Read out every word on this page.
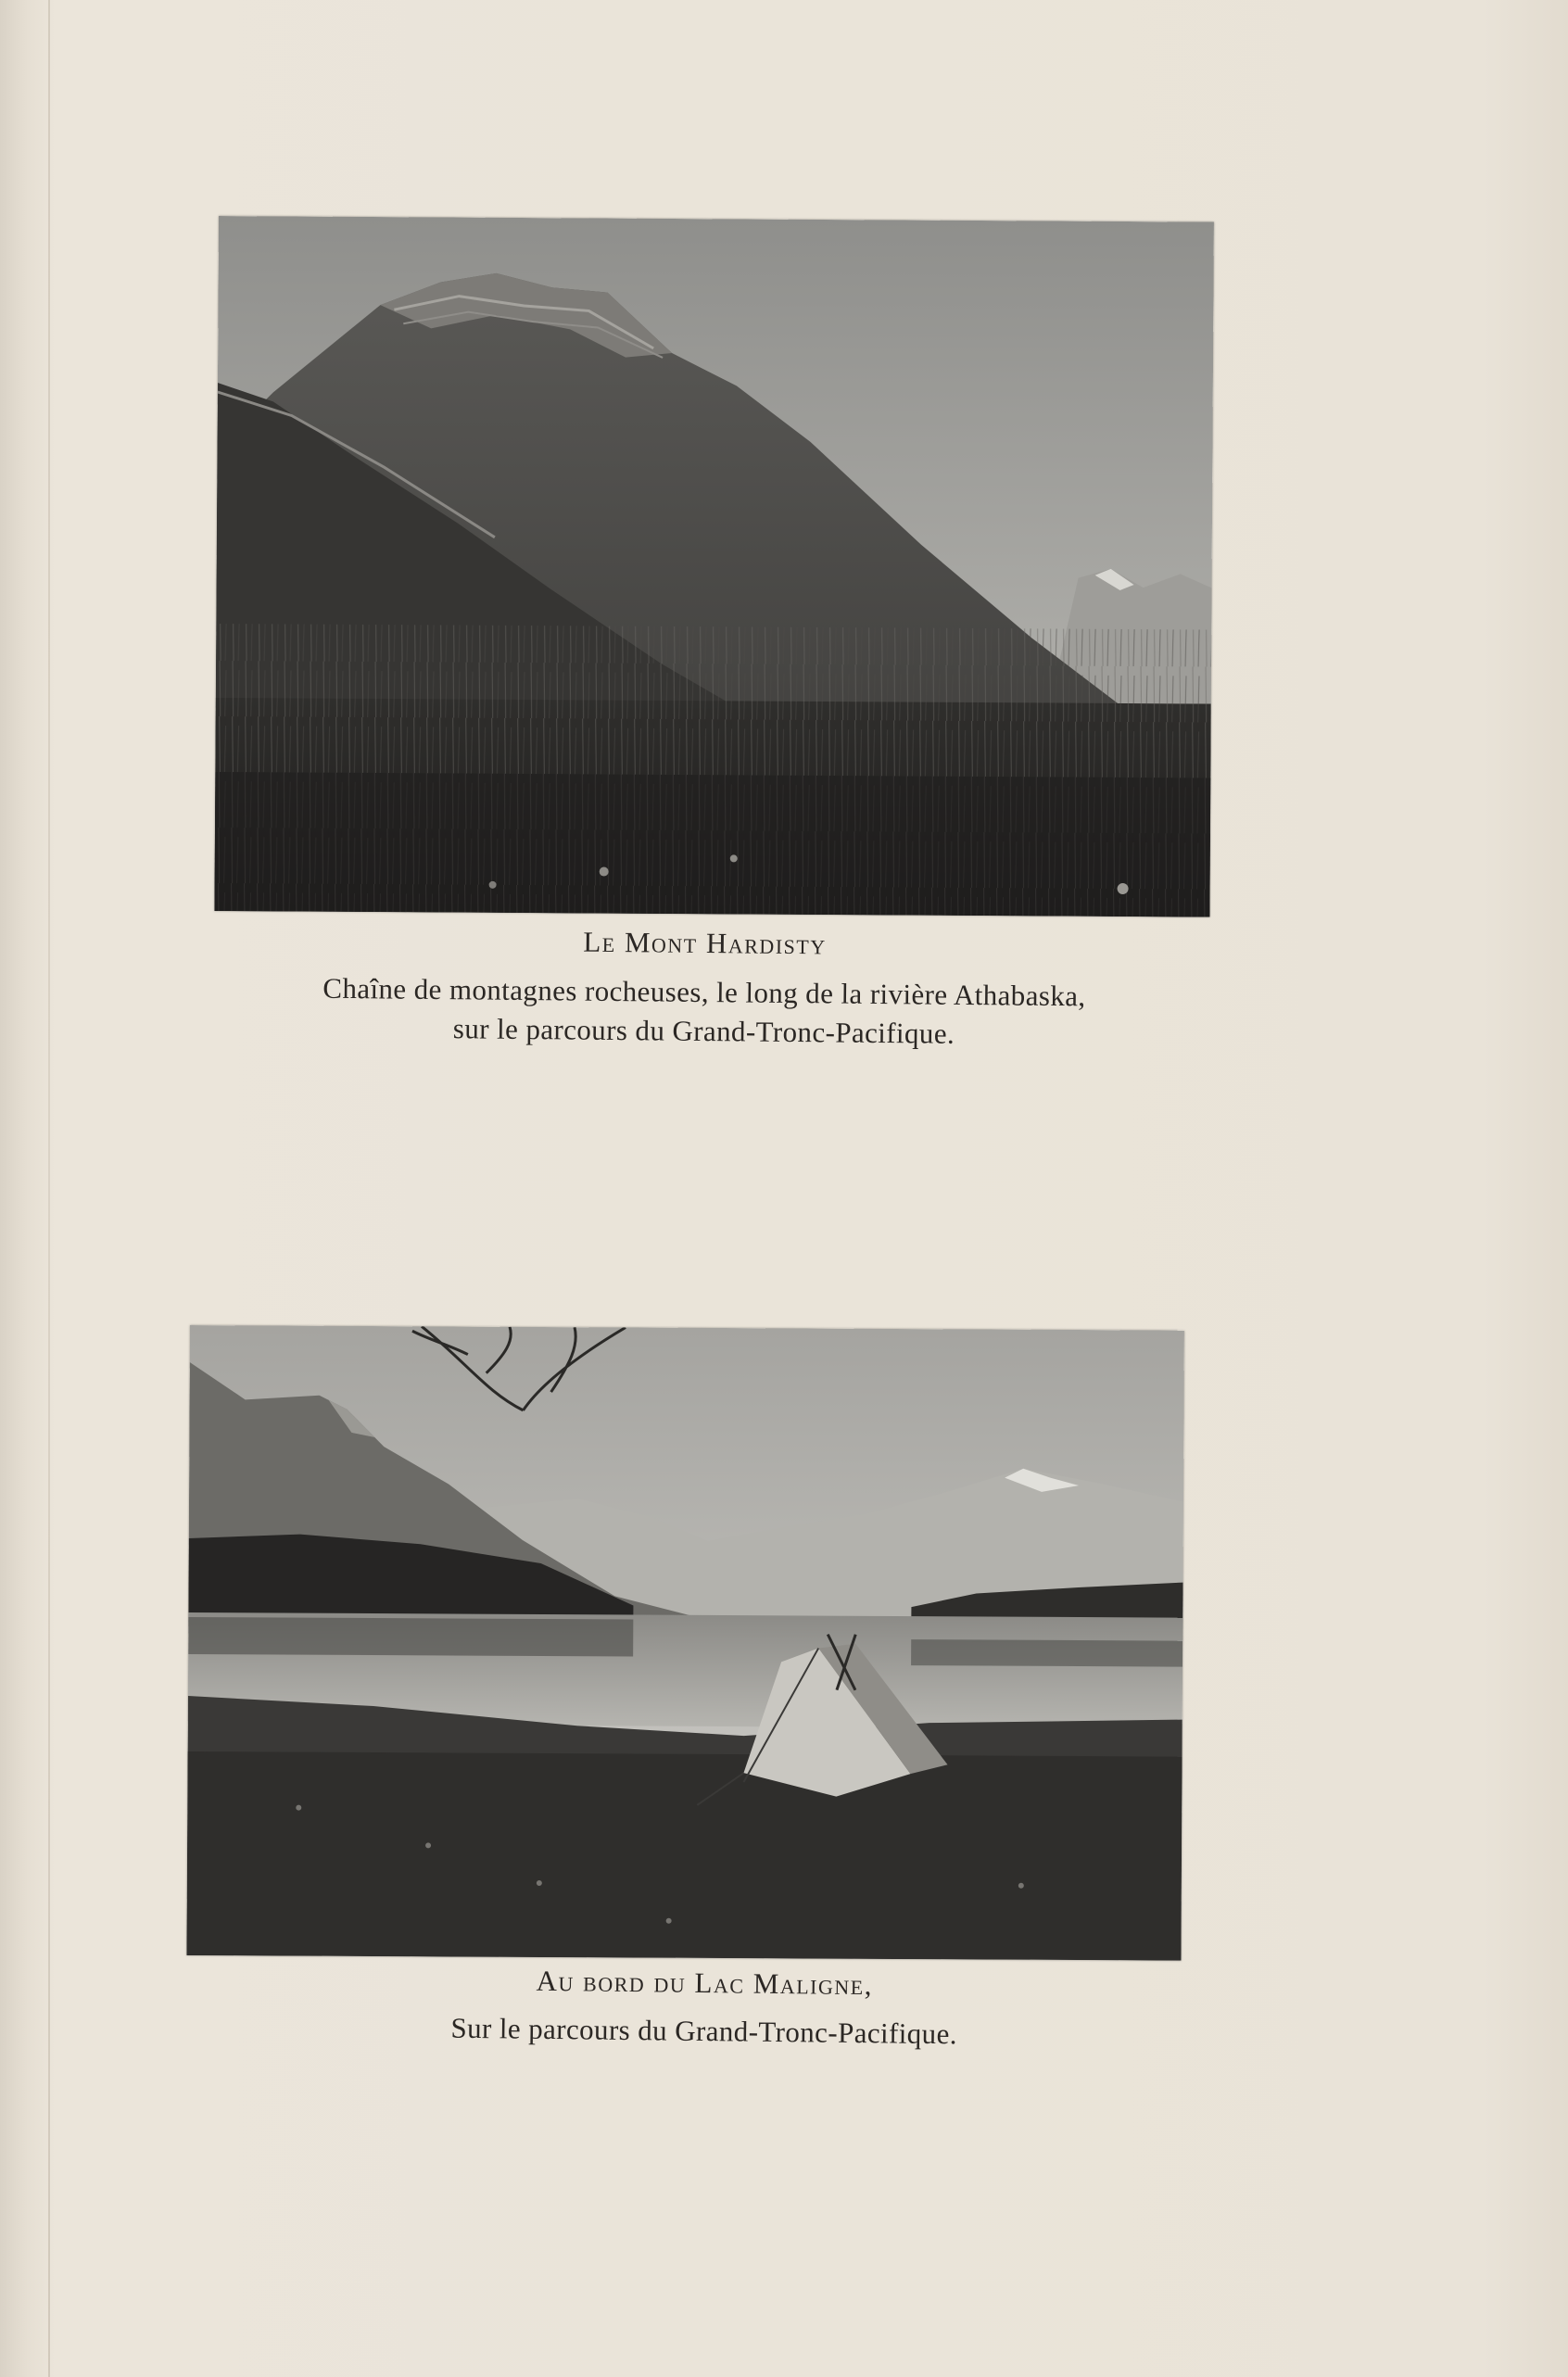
Le Mont Hardisty
Chaîne de montagnes rocheuses, le long de la rivière Athabaska,
sur le parcours du Grand-Tronc-Pacifique.
Au bord du Lac Maligne,
Sur le parcours du Grand-Tronc-Pacifique.
